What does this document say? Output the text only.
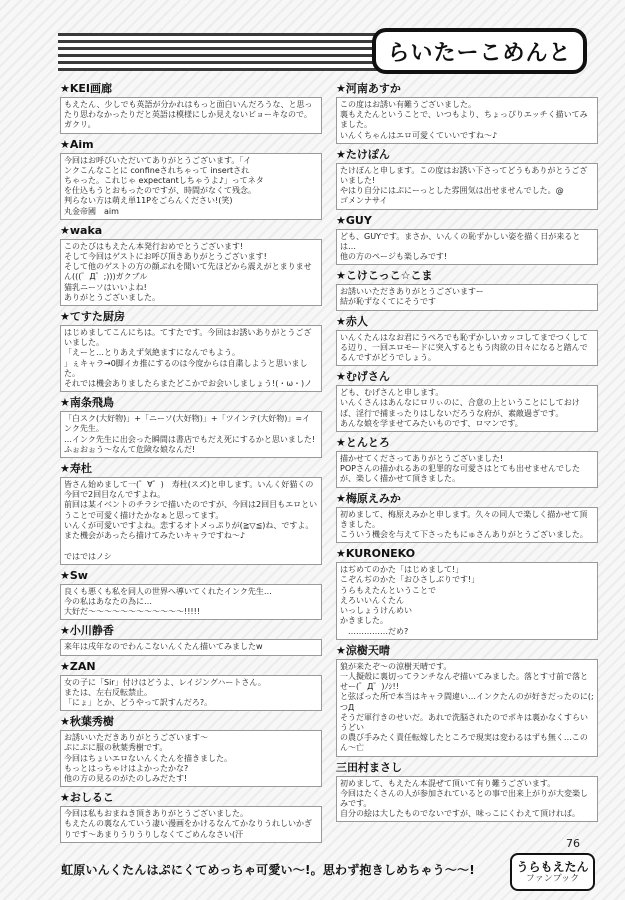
らいたーこめんと
★KEI画廊
もえたん、少しでも英語が分かれはもっと面白いんだろうな、と思ったり思わなかったりだと英語は模様にしか見えないビョーキなので。ガクリ。
★Aim
今回はお呼びいただいてありがとうございます。「イ
ンクこんなことに confineされちゃって insertされ
ちゃった。これじゃ expectantしちゃうよ♪」ってネタ
を仕込もうとおもったのですが、時間がなくて残念。
判らない方は萌え単11Pをごらんください!(笑)
丸金帝國　aim
★waka
このたびはもえたん本発行おめでとうございます!
そして今回はゲストにお呼び頂きありがとうございます!
そして他のゲストの方の顔ぶれを聞いて先ほどから震えがとまりません(((゜Д゜;)))ガクブル
猫乳ニーソはいいよね!
ありがとうございました。
★てすた厨房
はじめましてこんにちは。てすたです。今回はお誘いありがとうございました。
「えーと…とりあえず気絶ますになんでもよう。
」ぇキャラ→0脚イカ推にするのは今度からは自粛しようと思いました。
それでは機会ありましたらまたどこかでお会いしましょう!(・ω・)ノ
★南条飛鳥
「白スク(大好物)」+「ニーソ(大好物)」+「ツインテ(大好物)」=インク先生。
…インク先生に出会った瞬間は書店でもだえ死にするかと思いました!　ふぉおぉう〜なんて危険な娘なんだ!
★寿杜
皆さん始めまして一(゜∀゜)　寿杜(スズ)と申します。いんく好猫くの今回で2回目なんですよね。
前回は某イベントのチラシで描いたのですが、今回は2回目もエロということで可愛く描けたかなぁと思ってます。
いんくが可愛いですよね。恋するオトメっぷりが(≧▽≦)ね、ですよ。
また機会があったら描けてみたいキャラですね〜♪

ではではノシ
★Sw
良くも悪くも私を同人の世界へ導いてくれたインク先生…
今の私はあなたの為に…
大好だ〜〜〜〜〜〜〜〜〜〜〜〜!!!!!
★小川静香
来年は戌年なのでわんこないんくたん描いてみましたw
★ZAN
女の子に「Sir」付けはどうよ、レイジングハートさん。
または、左右反転禁止。
「にょ」とか、どうやって訳すんだろ?。
★秋葉秀樹
お誘いいただきありがとうございます〜
ぷにぷに服の秋葉秀樹です。
今回はちょいエロないんくたんを描きました。
もっとはっちゃけはよかったかな?
他の方の見るのがたのしみだたす!
★おしるこ
今回は私もおまねき頂きありがとうございました。
もえたんの裏なんていう凄い漫画をかけるなんてかなりうれしいかぎりです〜あまりうりうりしなくてごめんなさい(汗
★河南あすか
この度はお誘い有難うございました。
裏もえたんということで、いつもより、ちょっぴりエッチく描いてみました。
いんくちゃんはエロ可愛くていいですね〜♪
★たけぽん
たけぽんと申します。この度はお誘い下さってどうもありがとうございました!
やはり自分にはぷにーっとした雰囲気は出せませんでした。@
ゴメンナサイ
★GUY
ども、GUYです。まさか、いんくの恥ずかしい姿を描く日が来るとは…
他の方のページも楽しみです!
★こけこっこ☆こま
お誘いいただきありがとうございますー
結が恥ずなくてにそうです
★赤人
いんくたんはなお君にうぺろでも恥ずかしいカッコしてまでつくしてる辺り、一回エロモードに突入するともう肉欲の日々になると踏んでるんですがどうでしょう。
★むげさん
ども、むげさんと申します。
いんくさんはあんなにロリぃのに、合意の上ということにしておけば、淫行で捕まったりはしないだろうな府が、素敵過ぎです。
あんな娘を学ませてみたいものです、ロマンです。
★とんとろ
描かせてくださってありがとうございました!
POPさんの描かれるあの犯罪的な可愛さはとても出せませんでしたが、楽しく描かせて頂きました。
★梅原えみか
初めまして、梅原えみかと申します。久々の同人で楽しく描かせて頂きました。
こういう機会を与えて下さったもにゅさんありがとうございました。
★KURONEKO
はぢめてのかた「はじめまして!」
こぞんぢのかた「おひさしぶりです!」
うらもえたんということで
えろいいんくたん
いっしょうけんめい
かきました。
　……………だめ?
★涼樹天晴
狼が来たぞ〜の涼樹天晴です。
一人擬殻に裏切ってランチなんぞ描いてみました。落とす寸前で落とせー(゜Д゜)ﾉｼ!!
と弦ばった所で本当はキャラ間違い…インクたんのが好きだったのに(;つД
そうだ軍行きのせいだ。あれで洗脳されたのでポキは裏かなくすらいうどい
の農び手みたく責任転嫁したところで現実は変わるはずも無く…このん〜亡
三田村まさし
初めまして、もえたん本混ぜて頂いて有り難うございます。
今回はたくさんの人が参加されているとの事で出来上がりが大変楽しみです。
自分の絵は大したものでないですが、味っこにくわえて頂ければ。
76
虹原いんくたんはぷにくてめっちゃ可愛い〜!。思わず抱きしめちゃう〜〜!	うらもえたん
ファンブック
